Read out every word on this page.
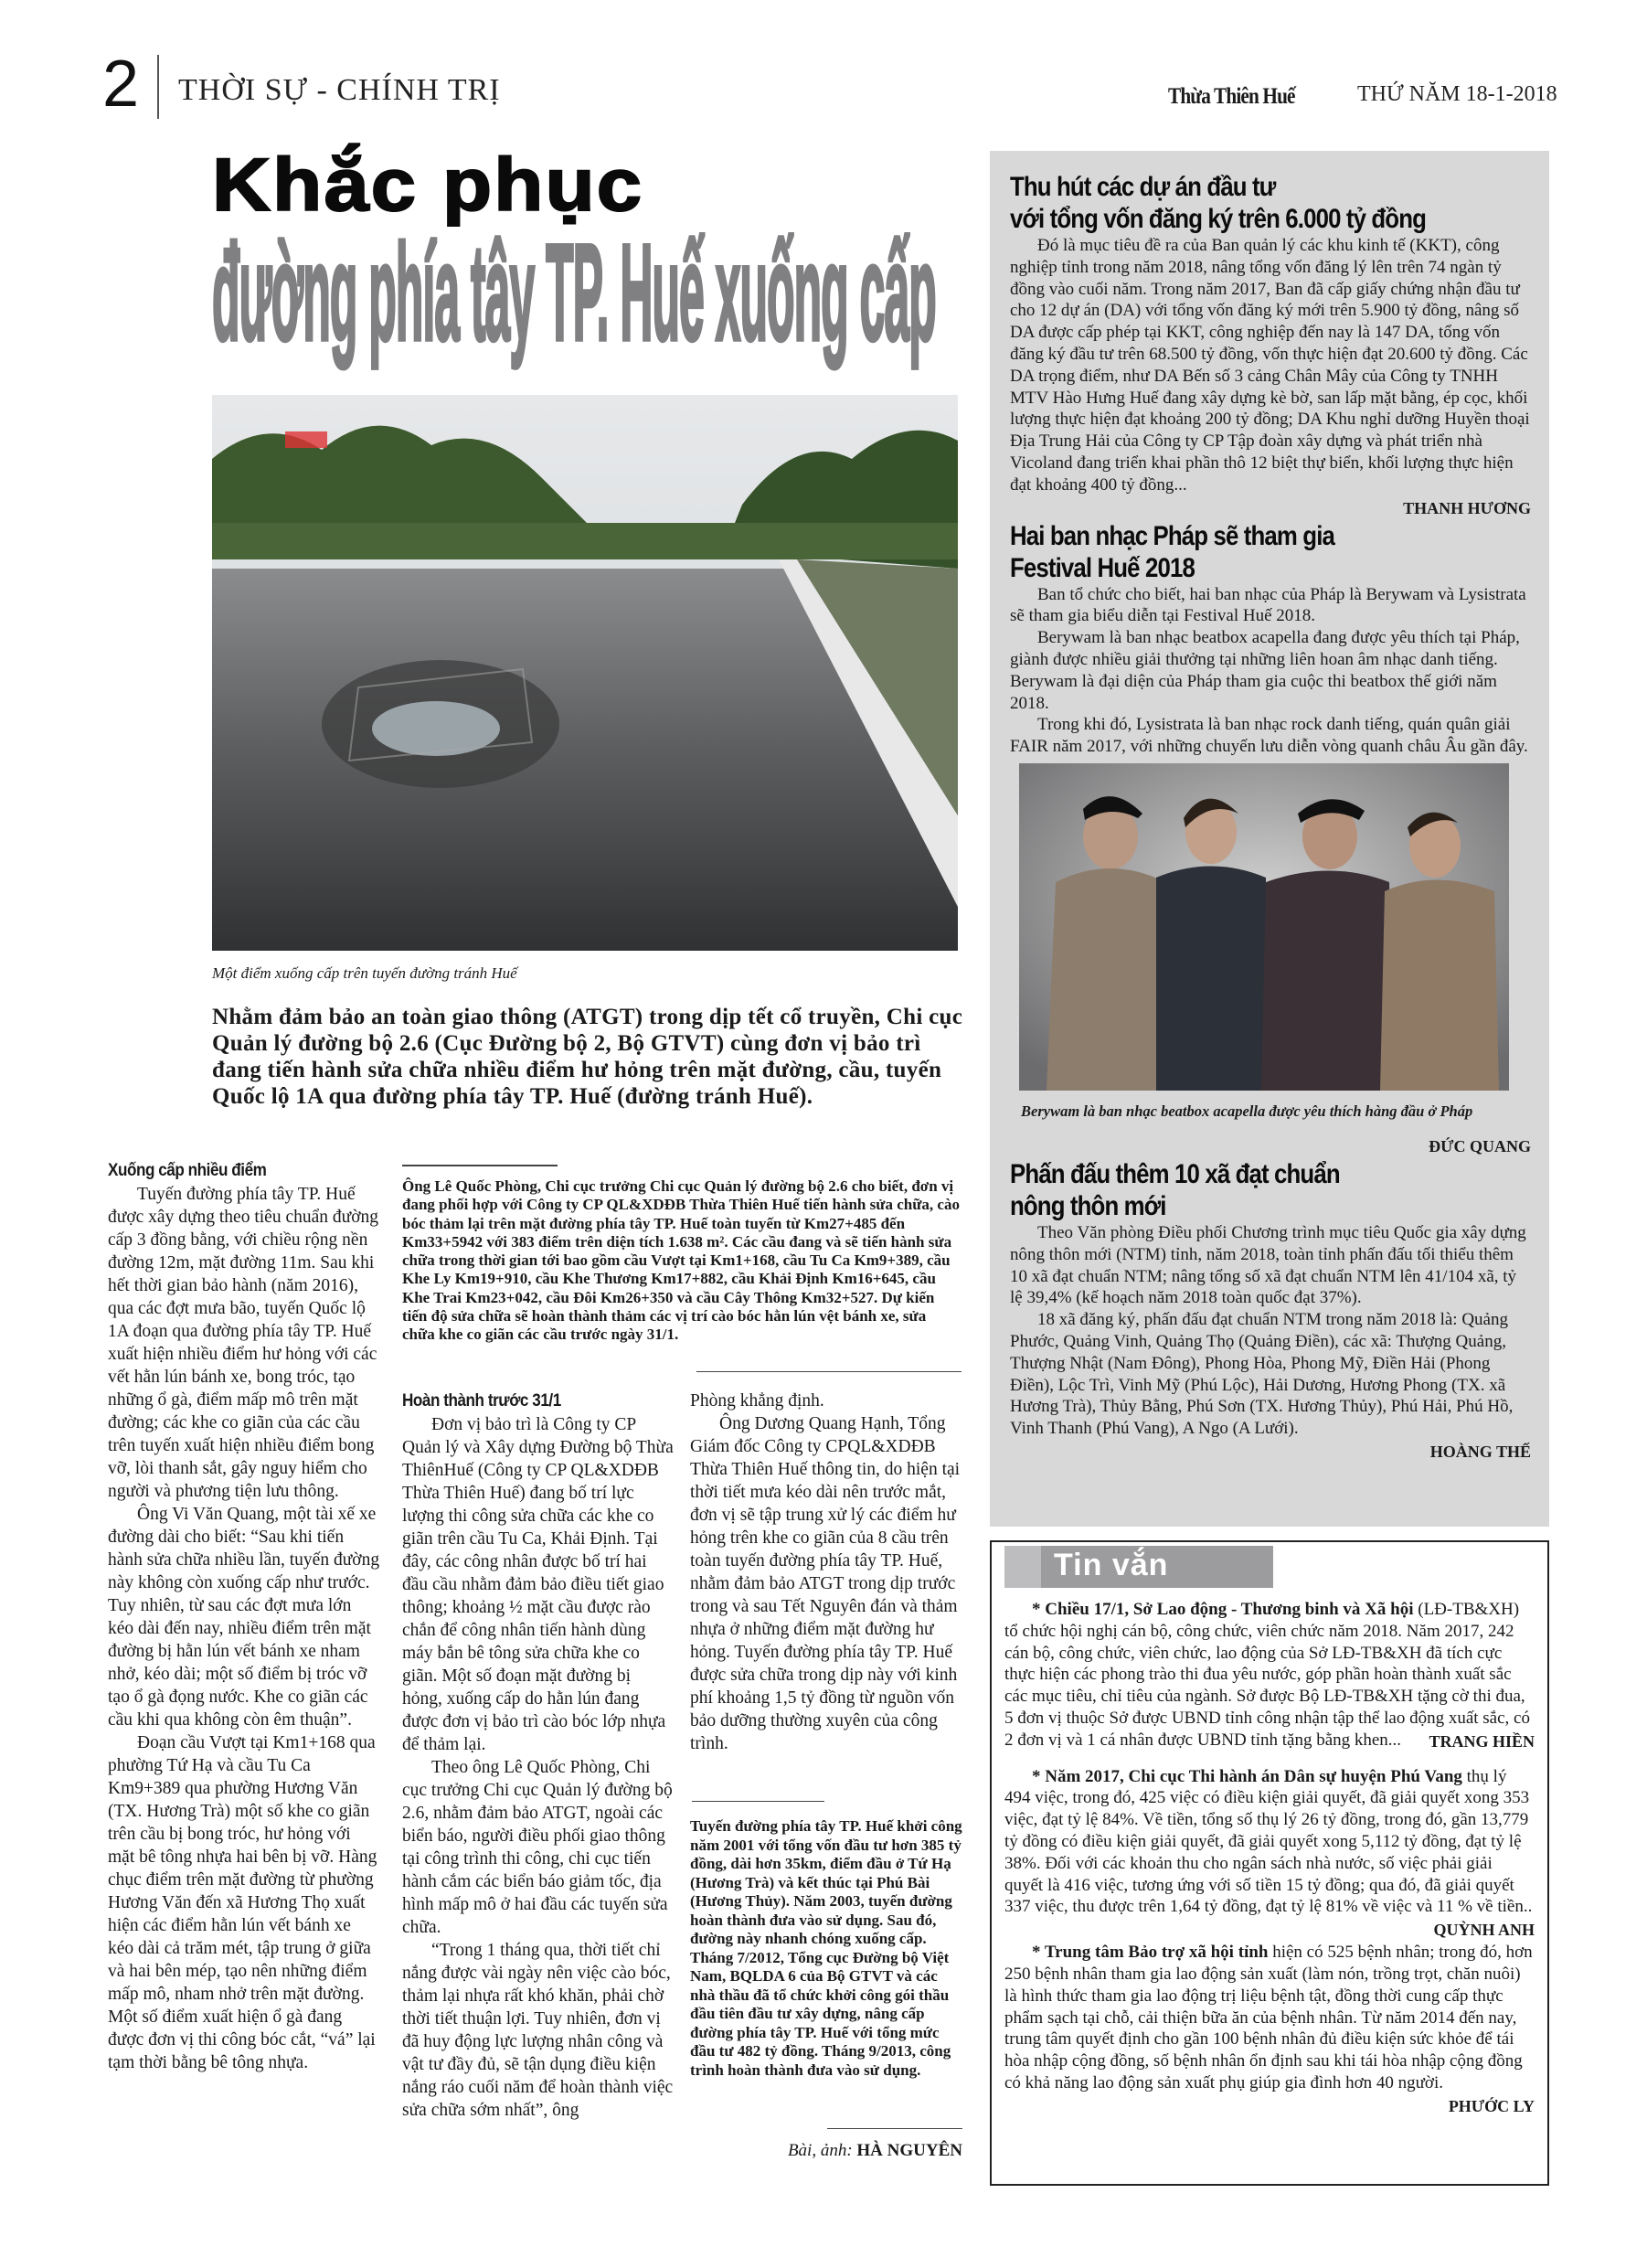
2 THỜI SỰ - CHÍNH TRỊ	Thừa Thiên Huế	THỨ NĂM 18-1-2018
Khắc phục
đường phía tây TP. Huế xuống cấp
Một điểm xuống cấp trên tuyến đường tránh Huế
Nhằm đảm bảo an toàn giao thông (ATGT) trong dịp tết cổ truyền, Chi cục Quản lý đường bộ 2.6 (Cục Đường bộ 2, Bộ GTVT) cùng đơn vị bảo trì đang tiến hành sửa chữa nhiều điểm hư hỏng trên mặt đường, cầu, tuyến Quốc lộ 1A qua đường phía tây TP. Huế (đường tránh Huế).
Xuống cấp nhiều điểm

Tuyến đường phía tây TP. Huế được xây dựng theo tiêu chuẩn đường cấp 3 đồng bằng, với chiều rộng nền đường 12m, mặt đường 11m. Sau khi hết thời gian bảo hành (năm 2016), qua các đợt mưa bão, tuyến Quốc lộ 1A đoạn qua đường phía tây TP. Huế xuất hiện nhiều điểm hư hỏng với các vết hằn lún bánh xe, bong tróc, tạo những ổ gà, điểm mấp mô trên mặt đường; các khe co giãn của các cầu trên tuyến xuất hiện nhiều điểm bong vỡ, lòi thanh sắt, gây nguy hiểm cho người và phương tiện lưu thông.

Ông Vi Văn Quang, một tài xế xe đường dài cho biết: “Sau khi tiến hành sửa chữa nhiều lần, tuyến đường này không còn xuống cấp như trước. Tuy nhiên, từ sau các đợt mưa lớn kéo dài đến nay, nhiều điểm trên mặt đường bị hằn lún vết bánh xe nham nhở, kéo dài; một số điểm bị tróc vỡ tạo ổ gà đọng nước. Khe co giãn các cầu khi qua không còn êm thuận”.

Đoạn cầu Vượt tại Km1+168 qua phường Tứ Hạ và cầu Tu Ca Km9+389 qua phường Hương Văn (TX. Hương Trà) một số khe co giãn trên cầu bị bong tróc, hư hỏng với mặt bê tông nhựa hai bên bị vỡ. Hàng chục điểm trên mặt đường từ phường Hương Văn đến xã Hương Thọ xuất hiện các điểm hằn lún vết bánh xe kéo dài cả trăm mét, tập trung ở giữa và hai bên mép, tạo nên những điểm mấp mô, nham nhở trên mặt đường. Một số điểm xuất hiện ổ gà đang được đơn vị thi công bóc cắt, “vá” lại tạm thời bằng bê tông nhựa.

Ông Lê Quốc Phòng, Chi cục trưởng Chi cục Quản lý đường bộ 2.6 cho biết, đơn vị đang phối hợp với Công ty CP QL&XDĐB Thừa Thiên Huế tiến hành sửa chữa, cào bóc thảm lại trên mặt đường phía tây TP. Huế toàn tuyến từ Km27+485 đến Km33+5942 với 383 điểm trên diện tích 1.638 m². Các cầu đang và sẽ tiến hành sửa chữa trong thời gian tới bao gồm cầu Vượt tại Km1+168, cầu Tu Ca Km9+389, cầu Khe Ly Km19+910, cầu Khe Thương Km17+882, cầu Khải Định Km16+645, cầu Khe Trai Km23+042, cầu Đôi Km26+350 và cầu Cây Thông Km32+527. Dự kiến tiến độ sửa chữa sẽ hoàn thành thảm các vị trí cào bóc hằn lún vệt bánh xe, sửa chữa khe co giãn các cầu trước ngày 31/1.
Hoàn thành trước 31/1

Đơn vị bảo trì là Công ty CP Quản lý và Xây dựng Đường bộ Thừa ThiênHuế (Công ty CP QL&XDĐB Thừa Thiên Huế) đang bố trí lực lượng thi công sửa chữa các khe co giãn trên cầu Tu Ca, Khải Định. Tại đây, các công nhân được bố trí hai đầu cầu nhằm đảm bảo điều tiết giao thông; khoảng ½ mặt cầu được rào chắn để công nhân tiến hành dùng máy bắn bê tông sửa chữa khe co giãn. Một số đoạn mặt đường bị hỏng, xuống cấp do hằn lún đang được đơn vị bảo trì cào bóc lớp nhựa để thảm lại.

Theo ông Lê Quốc Phòng, Chi cục trưởng Chi cục Quản lý đường bộ 2.6, nhằm đảm bảo ATGT, ngoài các biển báo, người điều phối giao thông tại công trình thi công, chi cục tiến hành cắm các biển báo giảm tốc, địa hình mấp mô ở hai đầu các tuyến sửa chữa.

“Trong 1 tháng qua, thời tiết chỉ nắng được vài ngày nên việc cào bóc, thảm lại nhựa rất khó khăn, phải chờ thời tiết thuận lợi. Tuy nhiên, đơn vị đã huy động lực lượng nhân công và vật tư đầy đủ, sẽ tận dụng điều kiện nắng ráo cuối năm để hoàn thành việc sửa chữa sớm nhất”, ông

Phòng khẳng định.

Ông Dương Quang Hạnh, Tổng Giám đốc Công ty CPQL&XDĐB Thừa Thiên Huế thông tin, do hiện tại thời tiết mưa kéo dài nên trước mắt, đơn vị sẽ tập trung xử lý các điểm hư hỏng trên khe co giãn của 8 cầu trên toàn tuyến đường phía tây TP. Huế, nhằm đảm bảo ATGT trong dịp trước trong và sau Tết Nguyên đán và thảm nhựa ở những điểm mặt đường hư hỏng. Tuyến đường phía tây TP. Huế được sửa chữa trong dịp này với kinh phí khoảng 1,5 tỷ đồng từ nguồn vốn bảo dưỡng thường xuyên của công trình.

Tuyến đường phía tây TP. Huế khởi công năm 2001 với tổng vốn đầu tư hơn 385 tỷ đồng, dài hơn 35km, điểm đầu ở Tứ Hạ (Hương Trà) và kết thúc tại Phú Bài (Hương Thủy). Năm 2003, tuyến đường hoàn thành đưa vào sử dụng. Sau đó, đường này nhanh chóng xuống cấp. Tháng 7/2012, Tổng cục Đường bộ Việt Nam, BQLDA 6 của Bộ GTVT và các nhà thầu đã tổ chức khởi công gói thầu đầu tiên đầu tư xây dựng, nâng cấp đường phía tây TP. Huế với tổng mức đầu tư 482 tỷ đồng. Tháng 9/2013, công trình hoàn thành đưa vào sử dụng.
Bài, ảnh: HÀ NGUYÊN
Thu hút các dự án đầu tư
với tổng vốn đăng ký trên 6.000 tỷ đồng

Đó là mục tiêu đề ra của Ban quản lý các khu kinh tế (KKT), công nghiệp tỉnh trong năm 2018, nâng tổng vốn đăng lý lên trên 74 ngàn tỷ đồng vào cuối năm. Trong năm 2017, Ban đã cấp giấy chứng nhận đầu tư cho 12 dự án (DA) với tổng vốn đăng ký mới trên 5.900 tỷ đồng, nâng số DA được cấp phép tại KKT, công nghiệp đến nay là 147 DA, tổng vốn đăng ký đầu tư trên 68.500 tỷ đồng, vốn thực hiện đạt 20.600 tỷ đồng. Các DA trọng điểm, như DA Bến số 3 cảng Chân Mây của Công ty TNHH MTV Hào Hưng Huế đang xây dựng kè bờ, san lấp mặt bằng, ép cọc, khối lượng thực hiện đạt khoảng 200 tỷ đồng; DA Khu nghỉ dưỡng Huyền thoại Địa Trung Hải của Công ty CP Tập đoàn xây dựng và phát triển nhà Vicoland đang triển khai phần thô 12 biệt thự biển, khối lượng thực hiện đạt khoảng 400 tỷ đồng...

THANH HƯƠNG
Hai ban nhạc Pháp sẽ tham gia
Festival Huế 2018

Ban tổ chức cho biết, hai ban nhạc của Pháp là Berywam và Lysistrata sẽ tham gia biểu diễn tại Festival Huế 2018.

Berywam là ban nhạc beatbox acapella đang được yêu thích tại Pháp, giành được nhiều giải thưởng tại những liên hoan âm nhạc danh tiếng. Berywam là đại diện của Pháp tham gia cuộc thi beatbox thế giới năm 2018.

Trong khi đó, Lysistrata là ban nhạc rock danh tiếng, quán quân giải FAIR năm 2017, với những chuyến lưu diễn vòng quanh châu Âu gần đây.

Berywam là ban nhạc beatbox acapella được yêu thích hàng đầu ở Pháp
ĐỨC QUANG
Phấn đấu thêm 10 xã đạt chuẩn
nông thôn mới

Theo Văn phòng Điều phối Chương trình mục tiêu Quốc gia xây dựng nông thôn mới (NTM) tỉnh, năm 2018, toàn tỉnh phấn đấu tối thiểu thêm 10 xã đạt chuẩn NTM; nâng tổng số xã đạt chuẩn NTM lên 41/104 xã, tỷ lệ 39,4% (kế hoạch năm 2018 toàn quốc đạt 37%).

18 xã đăng ký, phấn đấu đạt chuẩn NTM trong năm 2018 là: Quảng Phước, Quảng Vinh, Quảng Thọ (Quảng Điền), các xã: Thượng Quảng, Thượng Nhật (Nam Đông), Phong Hòa, Phong Mỹ, Điền Hải (Phong Điền), Lộc Trì, Vinh Mỹ (Phú Lộc), Hải Dương, Hương Phong (TX. xã Hương Trà), Thủy Bằng, Phú Sơn (TX. Hương Thủy), Phú Hải, Phú Hồ, Vinh Thanh (Phú Vang), A Ngo (A Lưới).

HOÀNG THẾ
Tin vắn

* Chiều 17/1, Sở Lao động - Thương binh và Xã hội (LĐ-TB&XH) tổ chức hội nghị cán bộ, công chức, viên chức năm 2018. Năm 2017, 242 cán bộ, công chức, viên chức, lao động của Sở LĐ-TB&XH đã tích cực thực hiện các phong trào thi đua yêu nước, góp phần hoàn thành xuất sắc các mục tiêu, chỉ tiêu của ngành. Sở được Bộ LĐ-TB&XH tặng cờ thi đua, 5 đơn vị thuộc Sở được UBND tỉnh công nhận tập thể lao động xuất sắc, có 2 đơn vị và 1 cá nhân được UBND tỉnh tặng bằng khen...	TRANG HIỀN

* Năm 2017, Chi cục Thi hành án Dân sự huyện Phú Vang thụ lý 494 việc, trong đó, 425 việc có điều kiện giải quyết, đã giải quyết xong 353 việc, đạt tỷ lệ 84%. Về tiền, tổng số thụ lý 26 tỷ đồng, trong đó, gần 13,779 tỷ đồng có điều kiện giải quyết, đã giải quyết xong 5,112 tỷ đồng, đạt tỷ lệ 38%. Đối với các khoản thu cho ngân sách nhà nước, số việc phải giải quyết là 416 việc, tương ứng với số tiền 15 tỷ đồng; qua đó, đã giải quyết 337 việc, thu được trên 1,64 tỷ đồng, đạt tỷ lệ 81% về việc và 11 % về tiền..

QUỲNH ANH

* Trung tâm Bảo trợ xã hội tỉnh hiện có 525 bệnh nhân; trong đó, hơn 250 bệnh nhân tham gia lao động sản xuất (làm nón, trồng trọt, chăn nuôi) là hình thức tham gia lao động trị liệu bệnh tật, đồng thời cung cấp thực phẩm sạch tại chỗ, cải thiện bữa ăn của bệnh nhân. Từ năm 2014 đến nay, trung tâm quyết định cho gần 100 bệnh nhân đủ điều kiện sức khỏe để tái hòa nhập cộng đồng, số bệnh nhân ổn định sau khi tái hòa nhập cộng đồng có khả năng lao động sản xuất phụ giúp gia đình hơn 40 người.

PHƯỚC LY
